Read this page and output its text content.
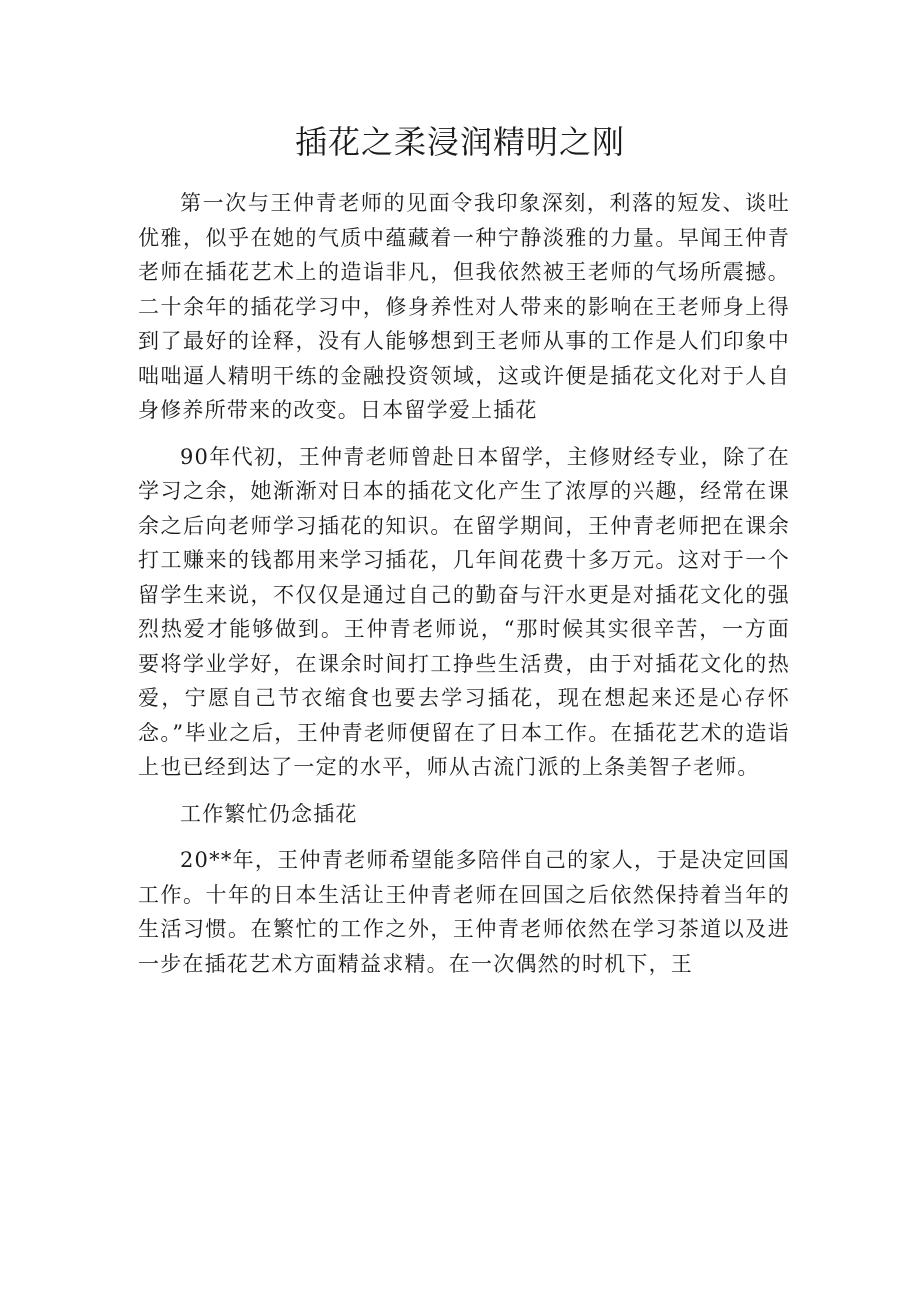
插花之柔浸润精明之刚

第一次与王仲青老师的见面令我印象深刻，利落的短发、谈吐优雅，似乎在她的气质中蕴藏着一种宁静淡雅的力量。早闻王仲青老师在插花艺术上的造诣非凡，但我依然被王老师的气场所震撼。二十余年的插花学习中，修身养性对人带来的影响在王老师身上得到了最好的诠释，没有人能够想到王老师从事的工作是人们印象中咄咄逼人精明干练的金融投资领域，这或许便是插花文化对于人自身修养所带来的改变。日本留学爱上插花

90年代初，王仲青老师曾赴日本留学，主修财经专业，除了在学习之余，她渐渐对日本的插花文化产生了浓厚的兴趣，经常在课余之后向老师学习插花的知识。在留学期间，王仲青老师把在课余打工赚来的钱都用来学习插花，几年间花费十多万元。这对于一个留学生来说，不仅仅是通过自己的勤奋与汗水更是对插花文化的强烈热爱才能够做到。王仲青老师说，“那时候其实很辛苦，一方面要将学业学好，在课余时间打工挣些生活费，由于对插花文化的热爱，宁愿自己节衣缩食也要去学习插花，现在想起来还是心存怀念。”毕业之后，王仲青老师便留在了日本工作。在插花艺术的造诣上也已经到达了一定的水平，师从古流门派的上条美智子老师。

工作繁忙仍念插花

20**年，王仲青老师希望能多陪伴自己的家人，于是决定回国工作。十年的日本生活让王仲青老师在回国之后依然保持着当年的生活习惯。在繁忙的工作之外，王仲青老师依然在学习茶道以及进一步在插花艺术方面精益求精。在一次偶然的时机下，王
